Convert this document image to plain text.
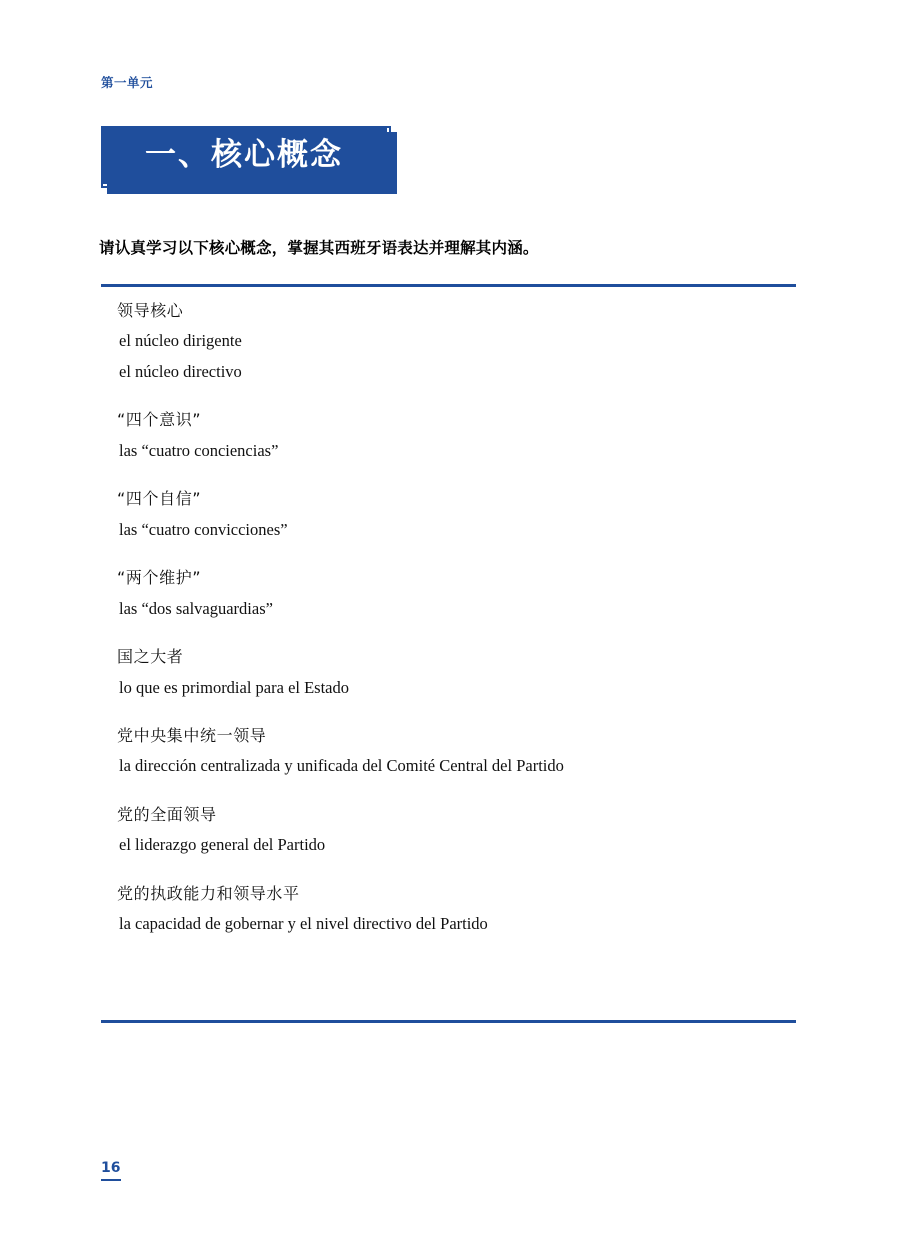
第一单元
一、核心概念
请认真学习以下核心概念，掌握其西班牙语表达并理解其内涵。
领导核心
el núcleo dirigente
el núcleo directivo
“四个意识”
las “cuatro conciencias”
“四个自信”
las “cuatro convicciones”
“两个维护”
las “dos salvaguardias”
国之大者
lo que es primordial para el Estado
党中央集中统一领导
la dirección centralizada y unificada del Comité Central del Partido
党的全面领导
el liderazgo general del Partido
党的执政能力和领导水平
la capacidad de gobernar y el nivel directivo del Partido
16
